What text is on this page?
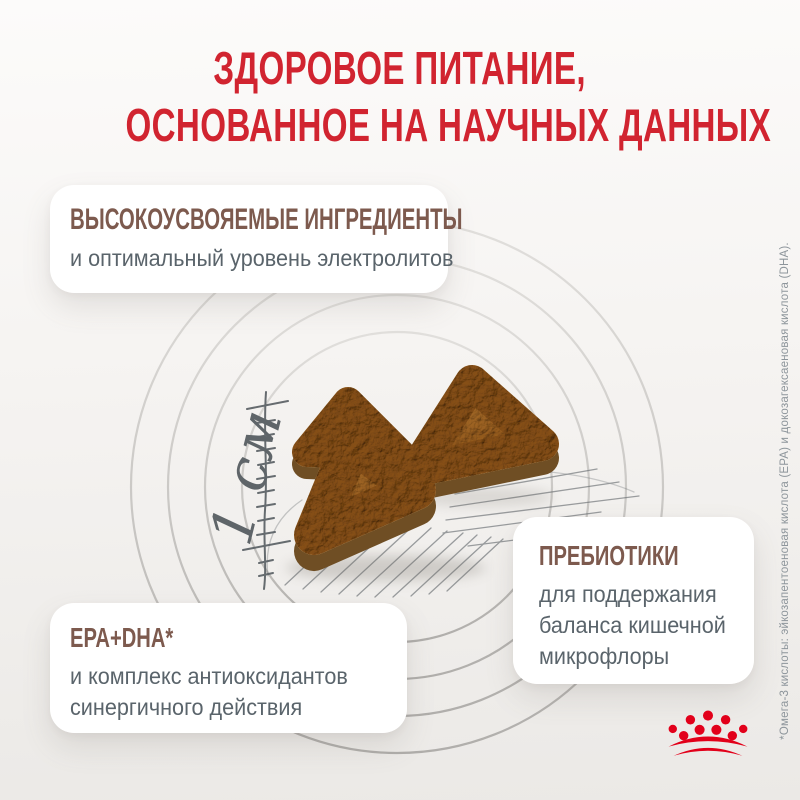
1 см
ЗДОРОВОЕ ПИТАНИЕ,
ОСНОВАННОЕ НА НАУЧНЫХ ДАННЫХ
ВЫСОКОУСВОЯЕМЫЕ ИНГРЕДИЕНТЫ
и оптимальный уровень электролитов
ПРЕБИОТИКИ
для поддержания
баланса кишечной
микрофлоры
EPA+DHA*
и комплекс антиоксидантов
синергичного действия	*Омега-3 кислоты: эйкозапентоеновая кислота (EPA) и докозагексаеновая кислота (DHA).
